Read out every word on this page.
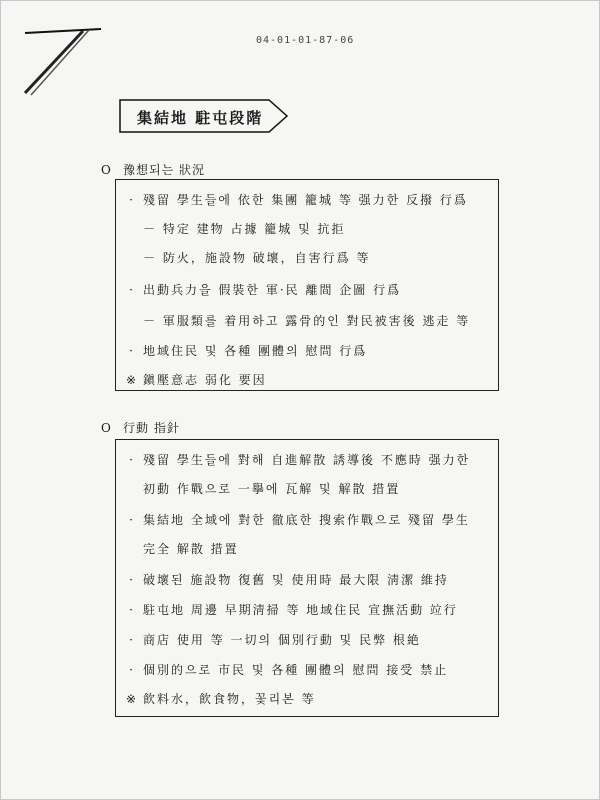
04-01-01-87-06
集結地 駐屯段階
O 豫想되는 狀況
· 殘留 學生들에 依한 集團 籠城 等 强力한 反撥 行爲
－ 特定 建物 占據 籠城 및 抗拒
－ 防火，施設物 破壞，自害行爲 等
· 出動兵力을 假裝한 軍·民 離間 企圖 行爲
－ 軍服類를 着用하고 露骨的인 對民被害後 逃走 等
· 地域住民 및 各種 團體의 慰問 行爲
※ 鎭壓意志 弱化 要因
O 行動 指針
· 殘留 學生들에 對해 自進解散 誘導後 不應時 强力한
初動 作戰으로 一擧에 瓦解 및 解散 措置
· 集結地 全域에 對한 徹底한 搜索作戰으로 殘留 學生
完全 解散 措置
· 破壞된 施設物 復舊 및 使用時 最大限 淸潔 維持
· 駐屯地 周邊 早期淸掃 等 地域住民 宣撫活動 竝行
· 商店 使用 等 一切의 個別行動 및 民弊 根絶
· 個別的으로 市民 및 各種 團體의 慰問 接受 禁止
※ 飮料水，飮食物，꽃리본 等
